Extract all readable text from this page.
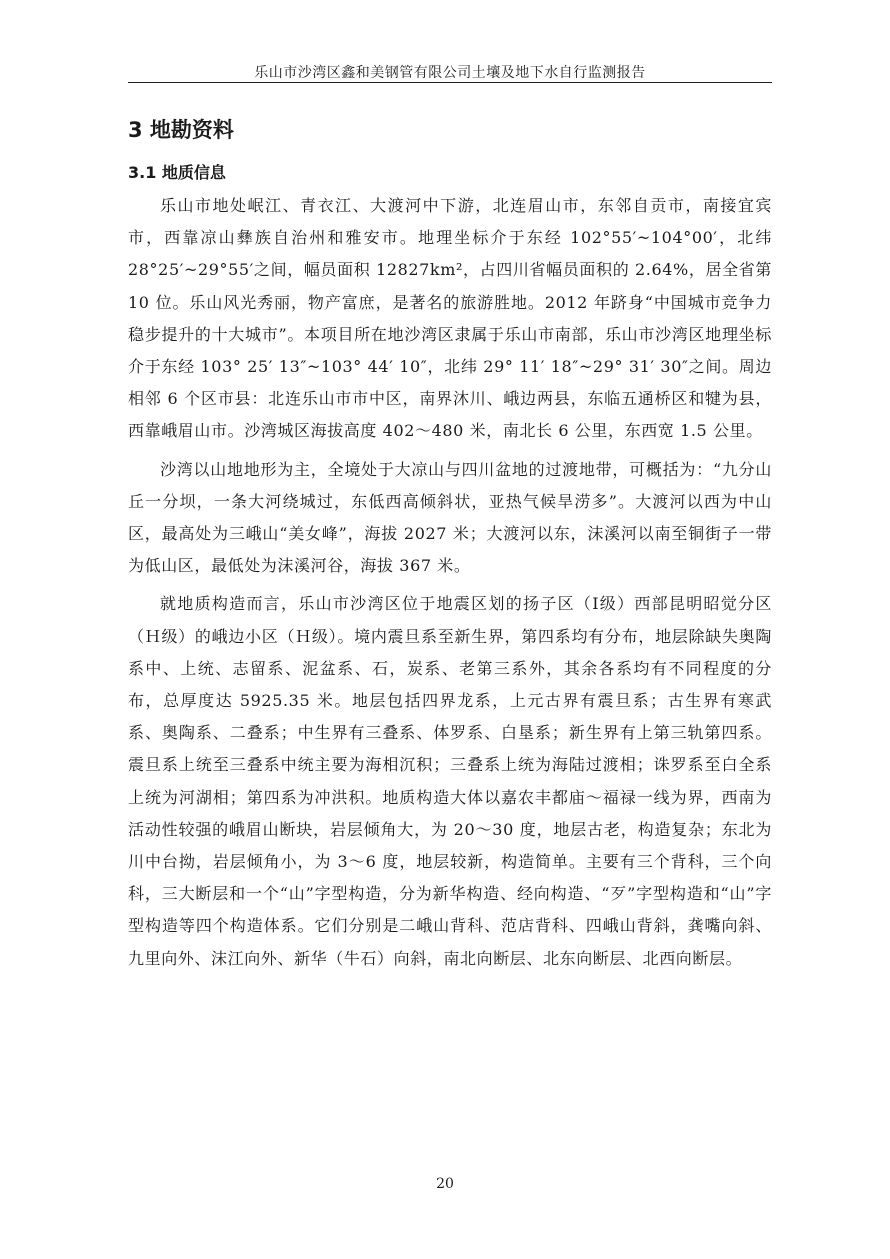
乐山市沙湾区鑫和美钢管有限公司土壤及地下水自行监测报告
3 地勘资料
3.1 地质信息

乐山市地处岷江、青衣江、大渡河中下游，北连眉山市，东邻自贡市，南接宜宾市，西靠凉山彝族自治州和雅安市。地理坐标介于东经 102°55′~104°00′，北纬 28°25′~29°55′之间，幅员面积 12827km²，占四川省幅员面积的 2.64%，居全省第 10 位。乐山风光秀丽，物产富庶，是著名的旅游胜地。2012 年跻身“中国城市竞争力稳步提升的十大城市”。本项目所在地沙湾区隶属于乐山市南部，乐山市沙湾区地理坐标介于东经 103° 25′ 13″~103° 44′ 10″，北纬 29° 11′ 18″~29° 31′ 30″之间。周边相邻 6 个区市县：北连乐山市市中区，南界沐川、峨边两县，东临五通桥区和犍为县，西靠峨眉山市。沙湾城区海拔高度 402～480 米，南北长 6 公里，东西宽 1.5 公里。

沙湾以山地地形为主，全境处于大凉山与四川盆地的过渡地带，可概括为：“九分山丘一分坝，一条大河绕城过，东低西高倾斜状，亚热气候旱涝多”。大渡河以西为中山区，最高处为三峨山“美女峰”，海拔 2027 米；大渡河以东，沫溪河以南至铜街子一带为低山区，最低处为沫溪河谷，海拔 367 米。

就地质构造而言，乐山市沙湾区位于地震区划的扬子区（Ⅰ级）西部昆明昭觉分区（Ｈ级）的峨边小区（Ｈ级）。境内震旦系至新生界，第四系均有分布，地层除缺失奥陶系中、上统、志留系、泥盆系、石，炭系、老第三系外，其余各系均有不同程度的分布，总厚度达 5925.35 米。地层包括四界龙系，上元古界有震旦系；古生界有寒武系、奥陶系、二叠系；中生界有三叠系、体罗系、白垦系；新生界有上第三轨第四系。震旦系上统至三叠系中统主要为海相沉积；三叠系上统为海陆过渡相；诛罗系至白全系上统为河湖相；第四系为冲洪积。地质构造大体以嘉农丰都庙～福禄一线为界，西南为活动性较强的峨眉山断块，岩层倾角大，为 20～30 度，地层古老，构造复杂；东北为川中台拗，岩层倾角小，为 3～6 度，地层较新，构造简单。主要有三个背科，三个向科，三大断层和一个“山”字型构造，分为新华构造、经向构造、“歹”字型构造和“山”字型构造等四个构造体系。它们分别是二峨山背科、范店背科、四峨山背斜，龚嘴向斜、九里向外、沫江向外、新华（牛石）向斜，南北向断层、北东向断层、北西向断层。

20
